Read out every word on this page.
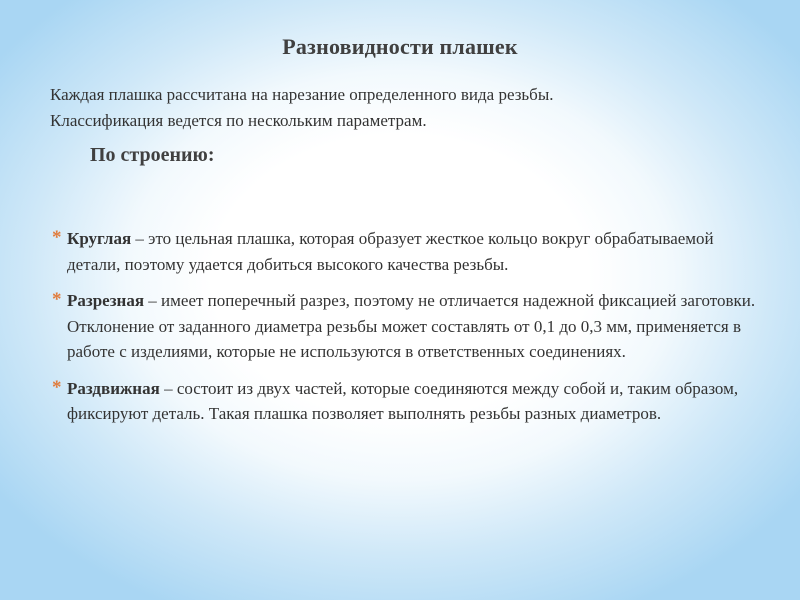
Разновидности плашек

Каждая плашка рассчитана на нарезание определенного вида резьбы.

Классификация ведется по нескольким параметрам.

По строению:
* Круглая – это цельная плашка, которая образует жесткое кольцо вокруг обрабатываемой детали, поэтому удается добиться высокого качества резьбы.
* Разрезная – имеет поперечный разрез, поэтому не отличается надежной фиксацией заготовки. Отклонение от заданного диаметра резьбы может составлять от 0,1 до 0,3 мм, применяется в работе с изделиями, которые не используются в ответственных соединениях.
* Раздвижная – состоит из двух частей, которые соединяются между собой и, таким образом, фиксируют деталь. Такая плашка позволяет выполнять резьбы разных диаметров.
